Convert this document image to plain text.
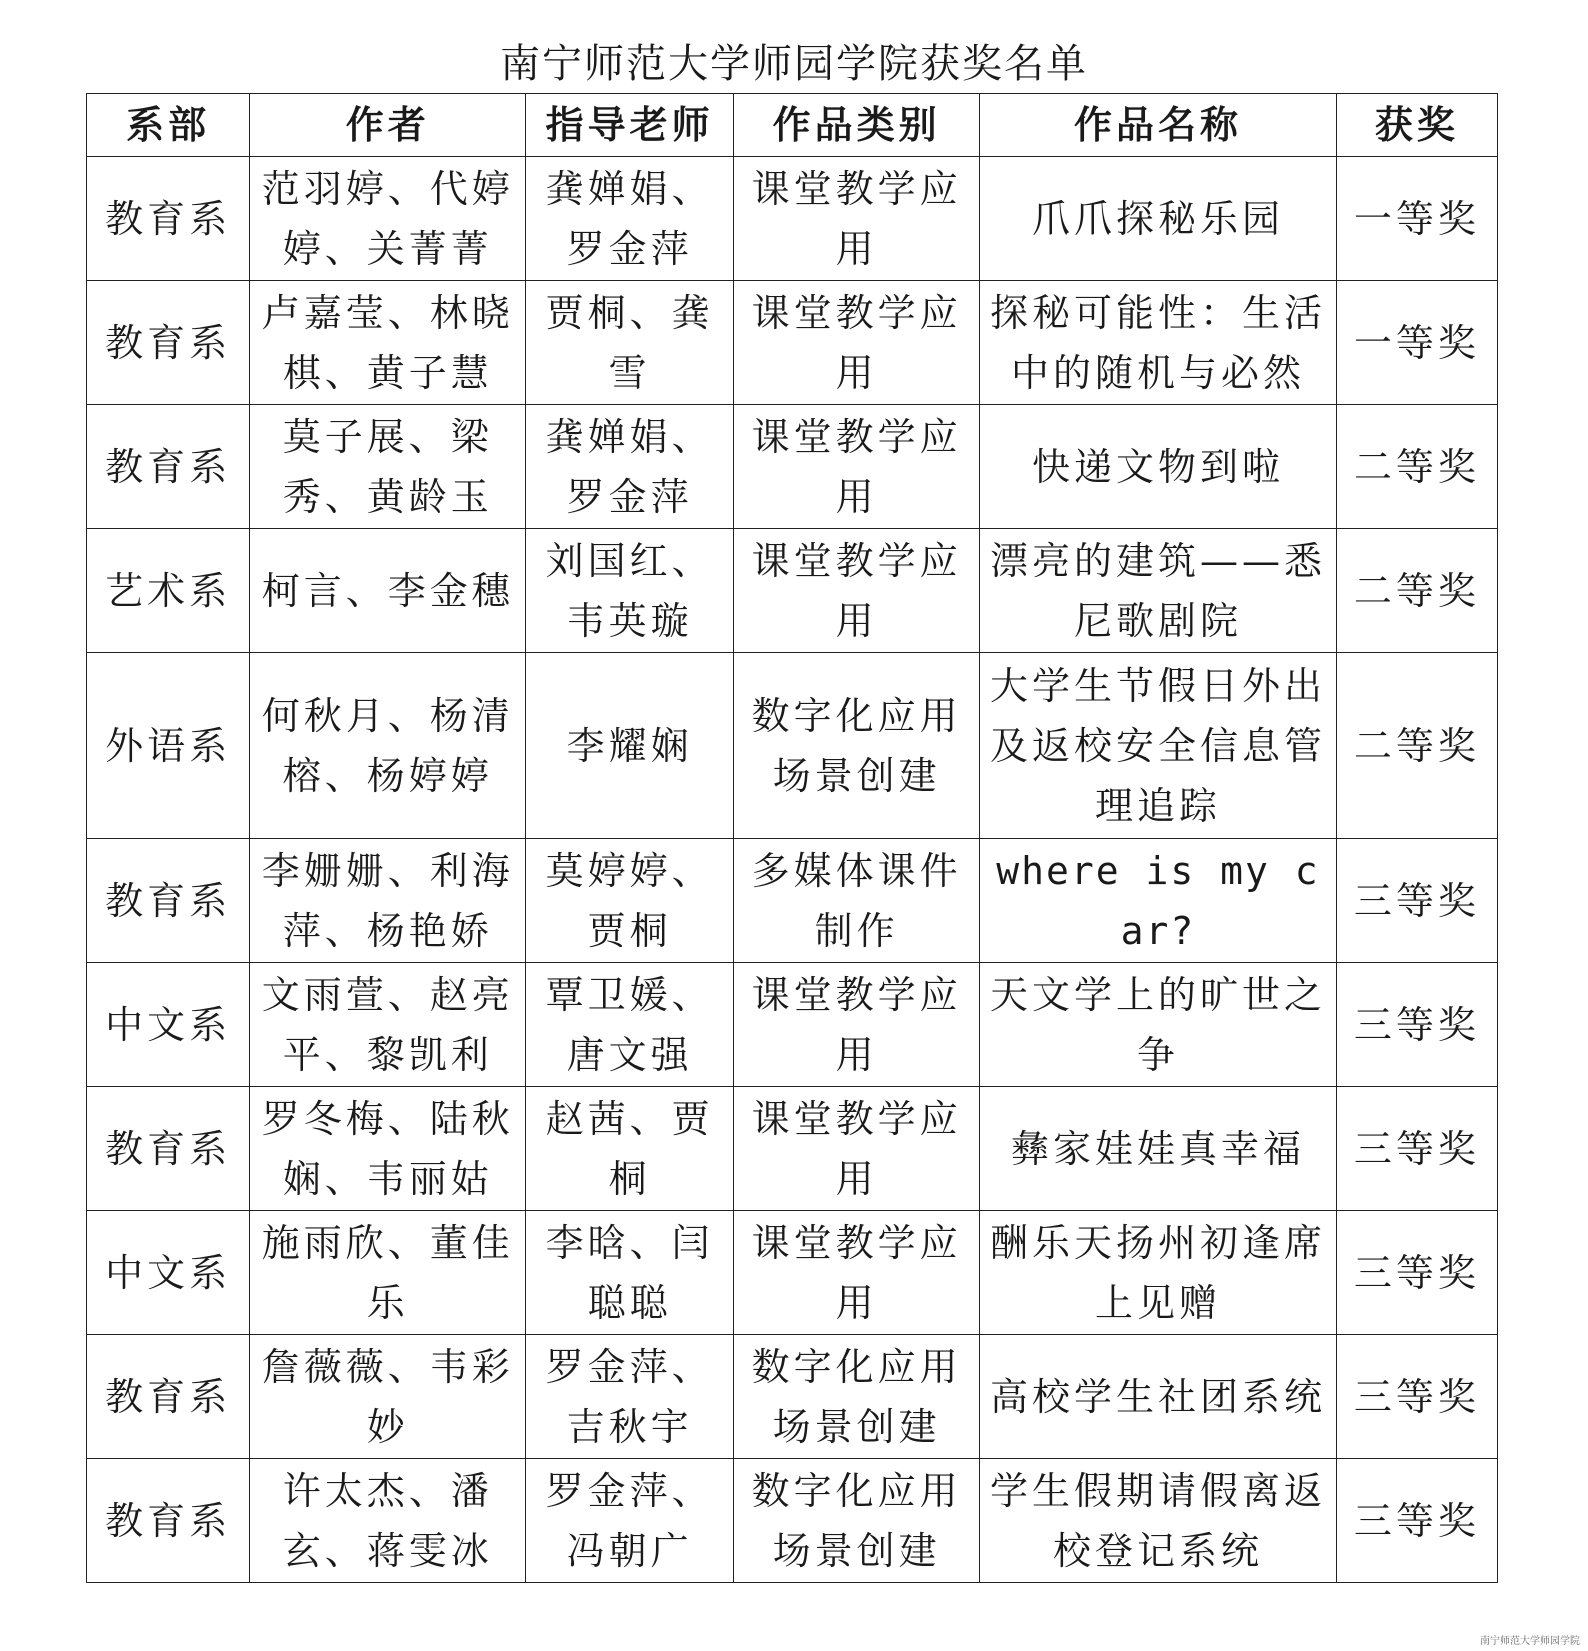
南宁师范大学师园学院获奖名单
系部	作者	指导老师	作品类别	作品名称	获奖
教育系	范羽婷、代婷婷、关菁菁	龚婵娟、罗金萍	课堂教学应用	爪爪探秘乐园	一等奖
教育系	卢嘉莹、林晓棋、黄子慧	贾桐、龚雪	课堂教学应用	探秘可能性：生活中的随机与必然	一等奖
教育系	莫子展、梁秀、黄龄玉	龚婵娟、罗金萍	课堂教学应用	快递文物到啦	二等奖
艺术系	柯言、李金穗	刘国红、韦英璇	课堂教学应用	漂亮的建筑——悉尼歌剧院	二等奖
外语系	何秋月、杨清榕、杨婷婷	李耀娴	数字化应用场景创建	大学生节假日外出及返校安全信息管理追踪	二等奖
教育系	李姗姗、利海萍、杨艳娇	莫婷婷、贾桐	多媒体课件制作	where is my car?	三等奖
中文系	文雨萱、赵亮平、黎凯利	覃卫媛、唐文强	课堂教学应用	天文学上的旷世之争	三等奖
教育系	罗冬梅、陆秋娴、韦丽姑	赵茜、贾桐	课堂教学应用	彝家娃娃真幸福	三等奖
中文系	施雨欣、董佳乐	李晗、闫聪聪	课堂教学应用	酬乐天扬州初逢席上见赠	三等奖
教育系	詹薇薇、韦彩妙	罗金萍、吉秋宇	数字化应用场景创建	高校学生社团系统	三等奖
教育系	许太杰、潘玄、蒋雯冰	罗金萍、冯朝广	数字化应用场景创建	学生假期请假离返校登记系统	三等奖
南宁师范大学师园学院
